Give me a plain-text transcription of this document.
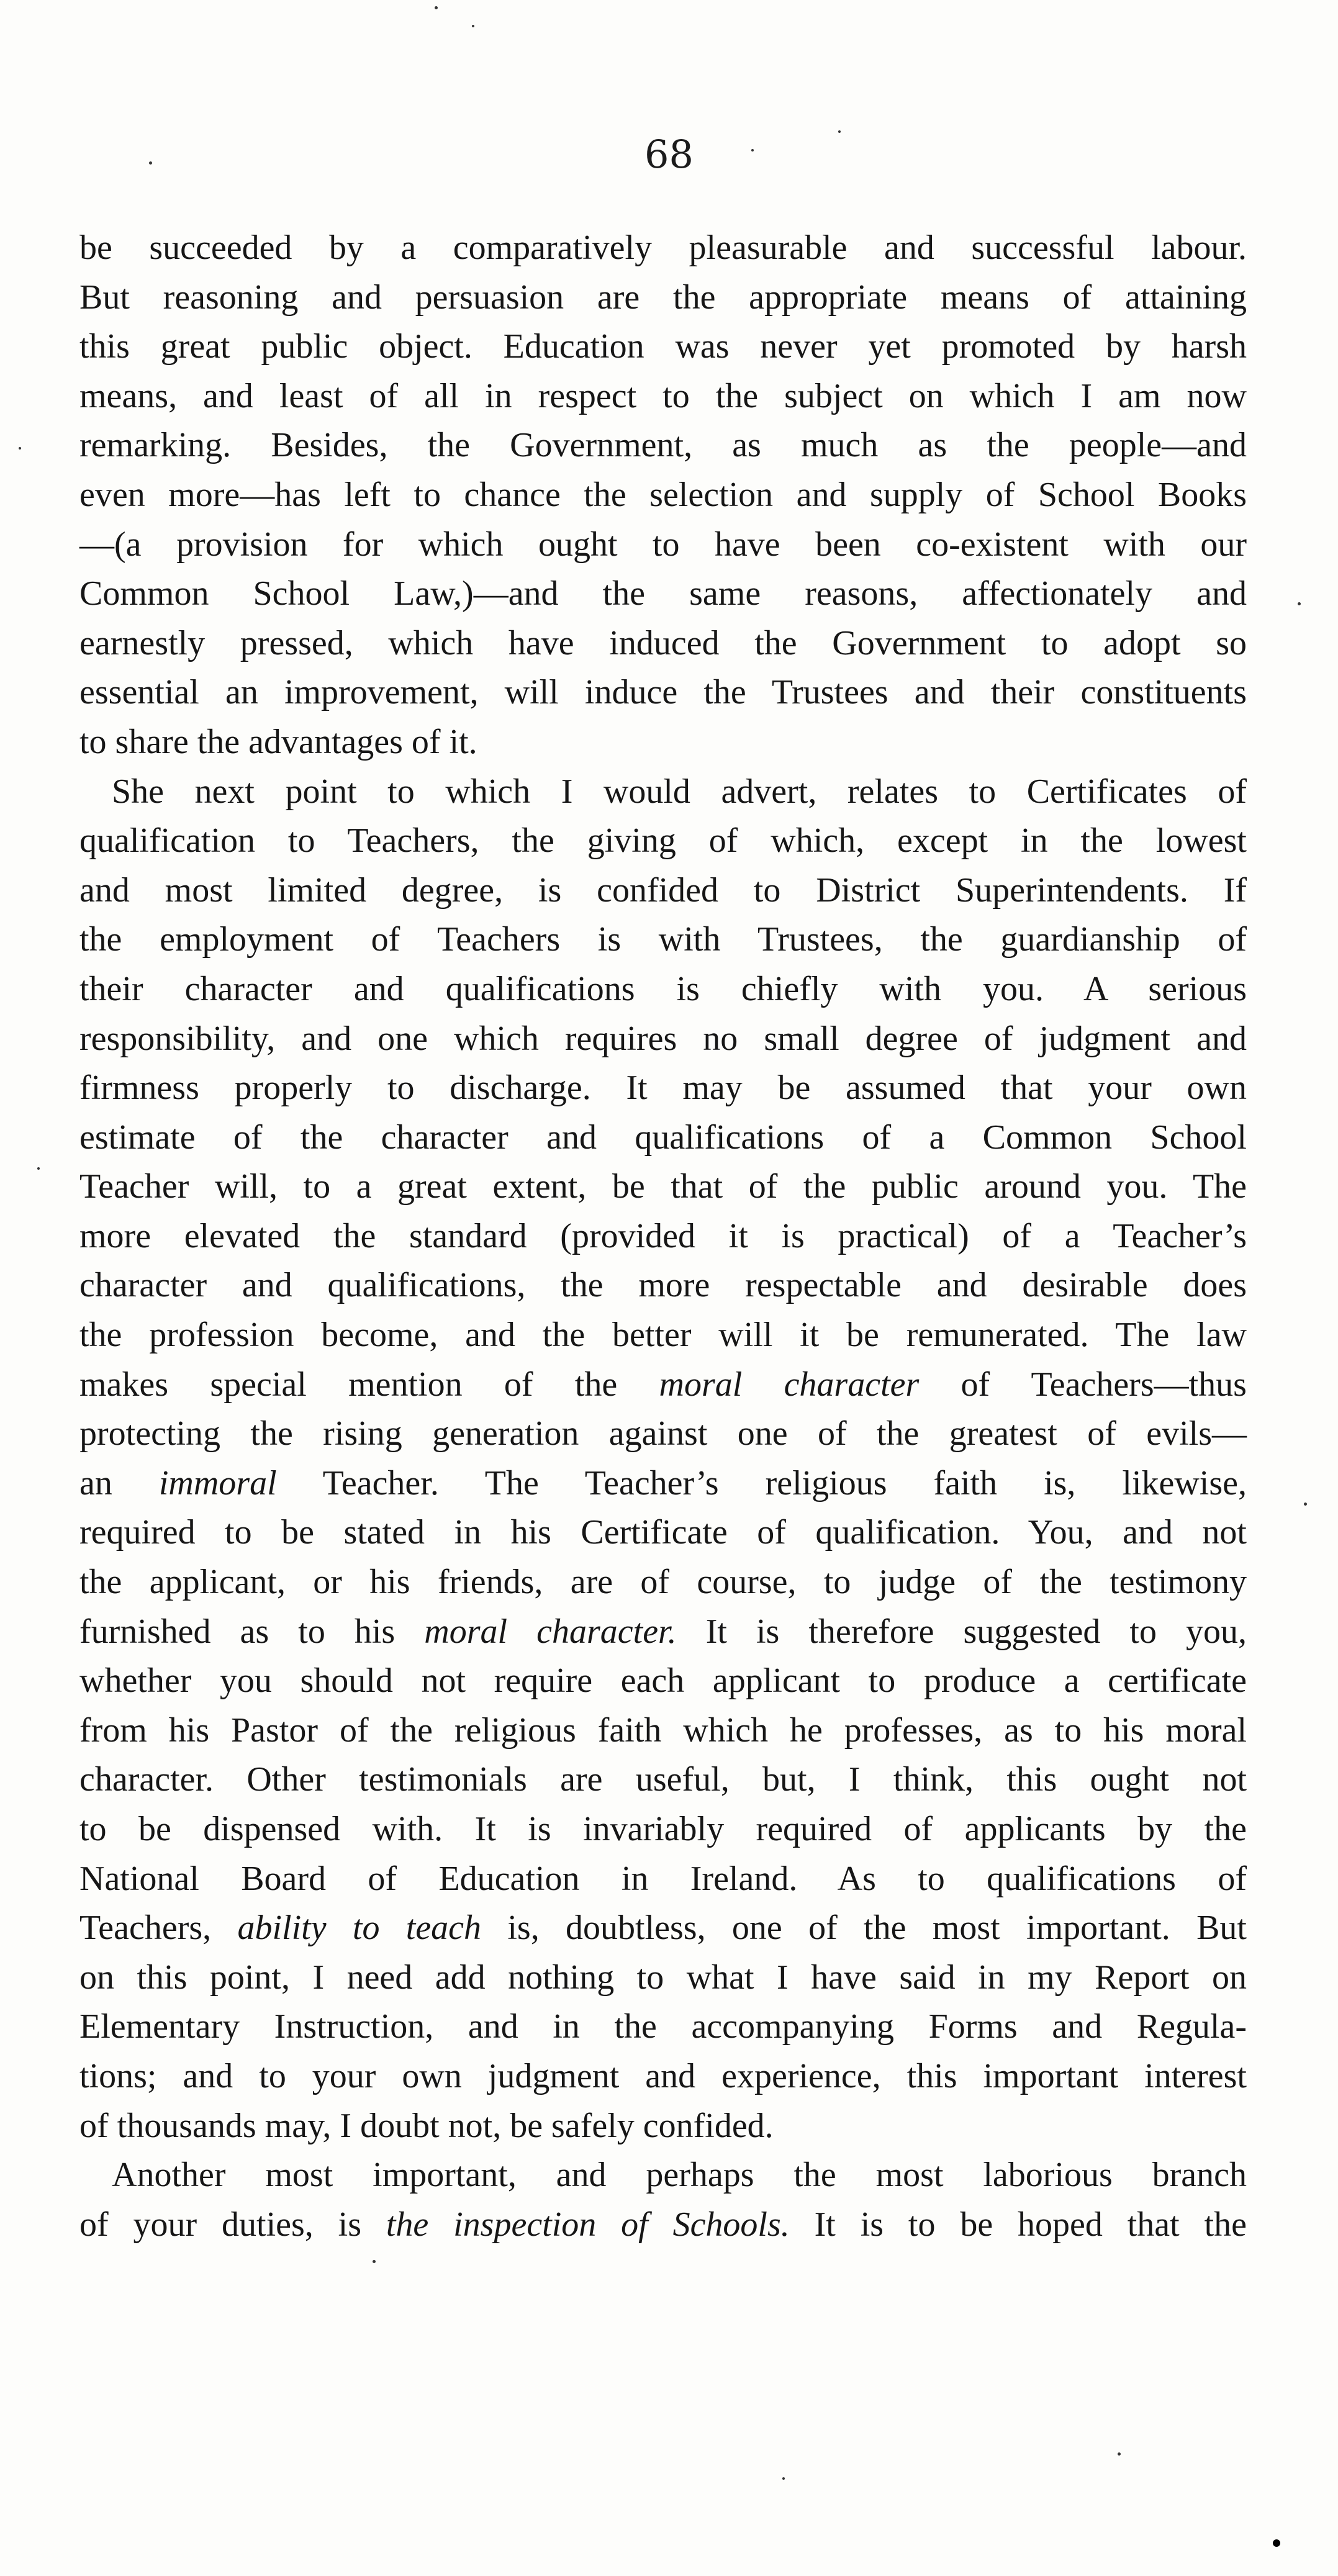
68
be succeeded by a comparatively pleasurable and successful labour.
But reasoning and persuasion are the appropriate means of attaining
this great public object. Education was never yet promoted by harsh
means, and least of all in respect to the subject on which I am now
remarking. Besides, the Government, as much as the people—and
even more—has left to chance the selection and supply of School Books
—(a provision for which ought to have been co-existent with our
Common School Law,)—and the same reasons, affectionately and
earnestly pressed, which have induced the Government to adopt so
essential an improvement, will induce the Trustees and their constituents
to share the advantages of it.
She next point to which I would advert, relates to Certificates of
qualification to Teachers, the giving of which, except in the lowest
and most limited degree, is confided to District Superintendents. If
the employment of Teachers is with Trustees, the guardianship of
their character and qualifications is chiefly with you. A serious
responsibility, and one which requires no small degree of judgment and
firmness properly to discharge. It may be assumed that your own
estimate of the character and qualifications of a Common School
Teacher will, to a great extent, be that of the public around you. The
more elevated the standard (provided it is practical) of a Teacher’s
character and qualifications, the more respectable and desirable does
the profession become, and the better will it be remunerated. The law
makes special mention of the moral character of Teachers—thus
protecting the rising generation against one of the greatest of evils—
an immoral Teacher. The Teacher’s religious faith is, likewise,
required to be stated in his Certificate of qualification. You, and not
the applicant, or his friends, are of course, to judge of the testimony
furnished as to his moral character. It is therefore suggested to you,
whether you should not require each applicant to produce a certificate
from his Pastor of the religious faith which he professes, as to his moral
character. Other testimonials are useful, but, I think, this ought not
to be dispensed with. It is invariably required of applicants by the
National Board of Education in Ireland. As to qualifications of
Teachers, ability to teach is, doubtless, one of the most important. But
on this point, I need add nothing to what I have said in my Report on
Elementary Instruction, and in the accompanying Forms and Regula-
tions; and to your own judgment and experience, this important interest
of thousands may, I doubt not, be safely confided.
Another most important, and perhaps the most laborious branch
of your duties, is the inspection of Schools. It is to be hoped that the
